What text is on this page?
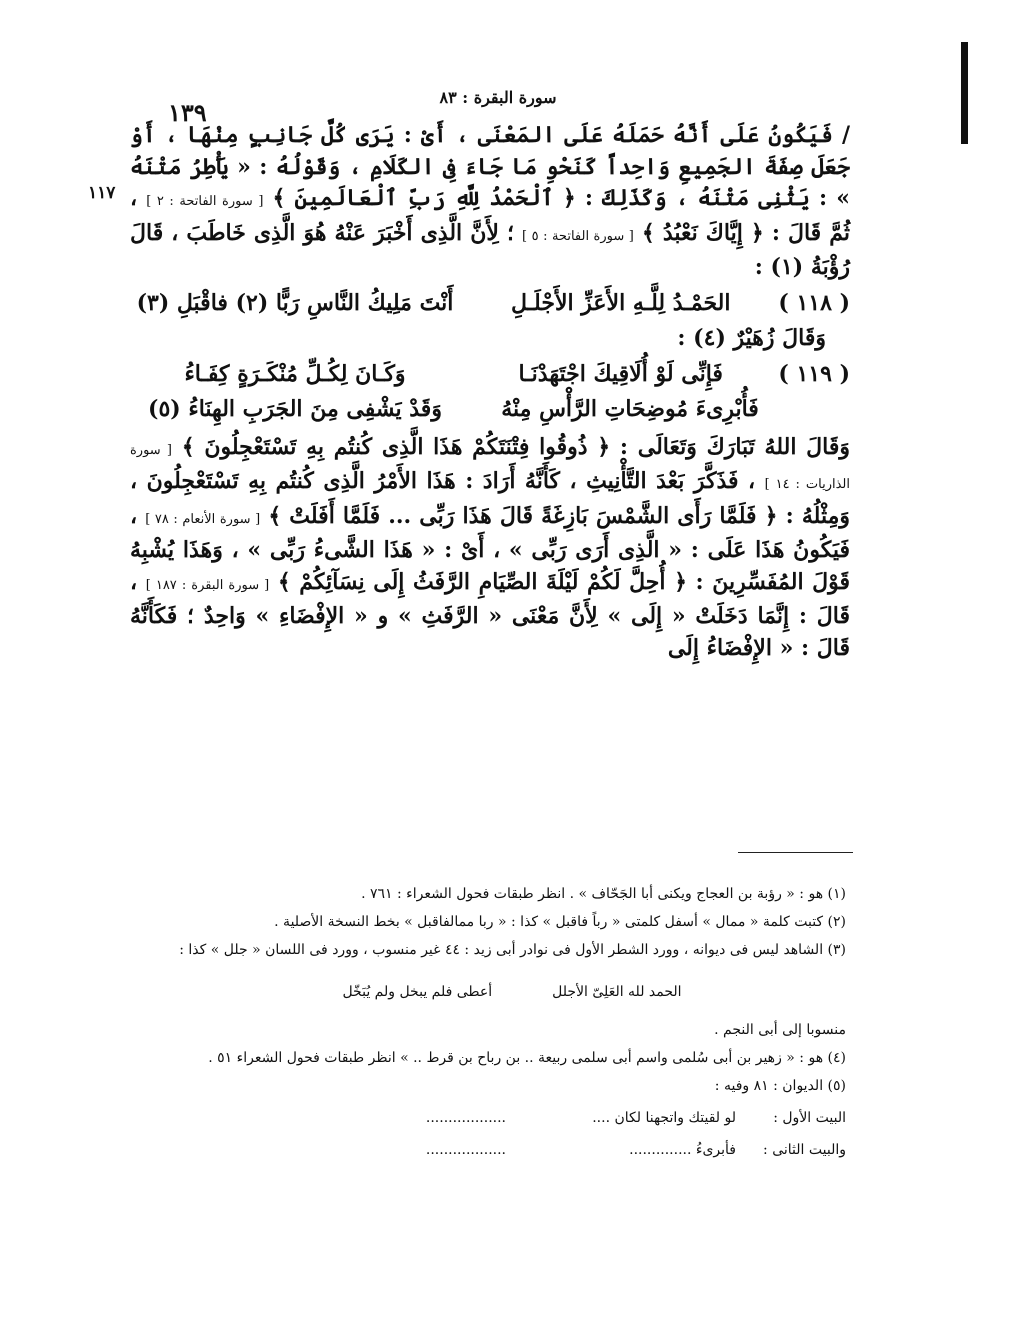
١٣٩
سورة البقرة : ٨٣
١١٧

/ فَيَكُونُ عَلَى أَنَّهُ حَمَلَهُ عَلَى المَعْنَى ، أَىْ : يَرَى كُلَّ جَانِبٍ مِنْهَا ، أَوْ جَعَلَ صِفَةَ الجَمِيعِ وَاحِداً كَنَحْوِ مَا جَاءَ فِى الكَلَامِ ، وَقَوْلُهُ : « يَأْطِرُ مَتْنَهُ » : يَثْنِى مَتْنَهُ ، وَكَذَلِكَ : ﴿ ٱلْحَمْدُ لِلَّهِ رَبِّ ٱلْعَالَمِينَ ﴾ [ سورة الفاتحة : ٢ ] ، ثُمَّ قَالَ : ﴿ إِيَّاكَ نَعْبُدُ ﴾ [ سورة الفاتحة : ٥ ] ؛ لِأَنَّ الَّذِى أَخْبَرَ عَنْهُ هُوَ الَّذِى خَاطَبَ ، قَالَ رُؤْبَةُ (١) :

( ١١٨ ) الحَمْـدُ لِلَّـهِ الأَعَزِّ الأَجْلَـلِ
أَنْتَ مَلِيكُ النَّاسِ رَبًّا (٢) فاقْبَلِ (٣)

وَقَالَ زُهَيْرٌ (٤) :

( ١١٩ ) فَإِنِّى لَوْ أُلَاقِيكَ اجْتَهَدْنَـا
وَكَـانَ لِكُـلِّ مُنْكَـرَةٍ كِفَـاءُ
فَأُبْرِىءَ مُوضِحَاتِ الرَّأْسِ مِنْهُ
وَقَدْ يَشْفِى مِنَ الجَرَبِ الهِنَاءُ (٥)

وَقَالَ اللهُ تَبَارَكَ وَتَعَالَى : ﴿ ذُوقُوا فِتْنَتَكُمْ هَذَا الَّذِى كُنتُم بِهِ تَسْتَعْجِلُونَ ﴾ [ سورة الذاريات : ١٤ ] ، فَذَكَّرَ بَعْدَ التَّأْنِيثِ ، كَأَنَّهُ أَرَادَ : هَذَا الأَمْرُ الَّذِى كُنتُم بِهِ تَسْتَعْجِلُونَ ، وَمِثْلُهُ : ﴿ فَلَمَّا رَأَى الشَّمْسَ بَازِغَةً قَالَ هَذَا رَبِّى ... فَلَمَّا أَفَلَتْ ﴾ [ سورة الأنعام : ٧٨ ] ، فَيَكُونُ هَذَا عَلَى : « الَّذِى أَرَى رَبِّى » ، أَىْ : « هَذَا الشَّىءُ رَبِّى » ، وَهَذَا يُشْبِهُ قَوْلَ المُفَسِّرِينَ : ﴿ أُحِلَّ لَكُمْ لَيْلَةَ الصِّيَامِ الرَّفَثُ إِلَى نِسَآئِكُمْ ﴾ [ سورة البقرة : ١٨٧ ] ، قَالَ : إِنَّمَا دَخَلَتْ « إِلَى » لِأَنَّ مَعْنَى « الرَّفَثِ » و « الإِفْضَاءِ » وَاحِدٌ ؛ فَكَأَنَّهُ قَالَ : « الإِفْضَاءُ إِلَى

(١) هو : « رؤبة بن العجاج ويكنى أبا الجَحّاف » . انظر طبقات فحول الشعراء : ٧٦١ .

(٢) كتبت كلمة « ممال » أسفل كلمتى « رباً فاقبل » كذا : « ربا ممالفاقبل » بخط النسخة الأصلية .

(٣) الشاهد ليس فى ديوانه ، وورد الشطر الأول فى نوادر أبى زيد : ٤٤ غير منسوب ، وورد فى اللسان « جلل » كذا :

الحمد لله العَلِىّ الأجلل
أعطى فلم يبخل ولم يُبَخّل

منسوبا إلى أبى النجم .

(٤) هو : « زهير بن أبى سُلمى واسم أبى سلمى ربيعة .. بن رباح بن قرط .. » انظر طبقات فحول الشعراء ٥١ .

(٥) الديوان : ٨١ وفيه :

البيت الأول :
لو لقيتك واتجهنا لكان ....
..................
والبيت الثانى :
فأبرىءُ ..............
..................
